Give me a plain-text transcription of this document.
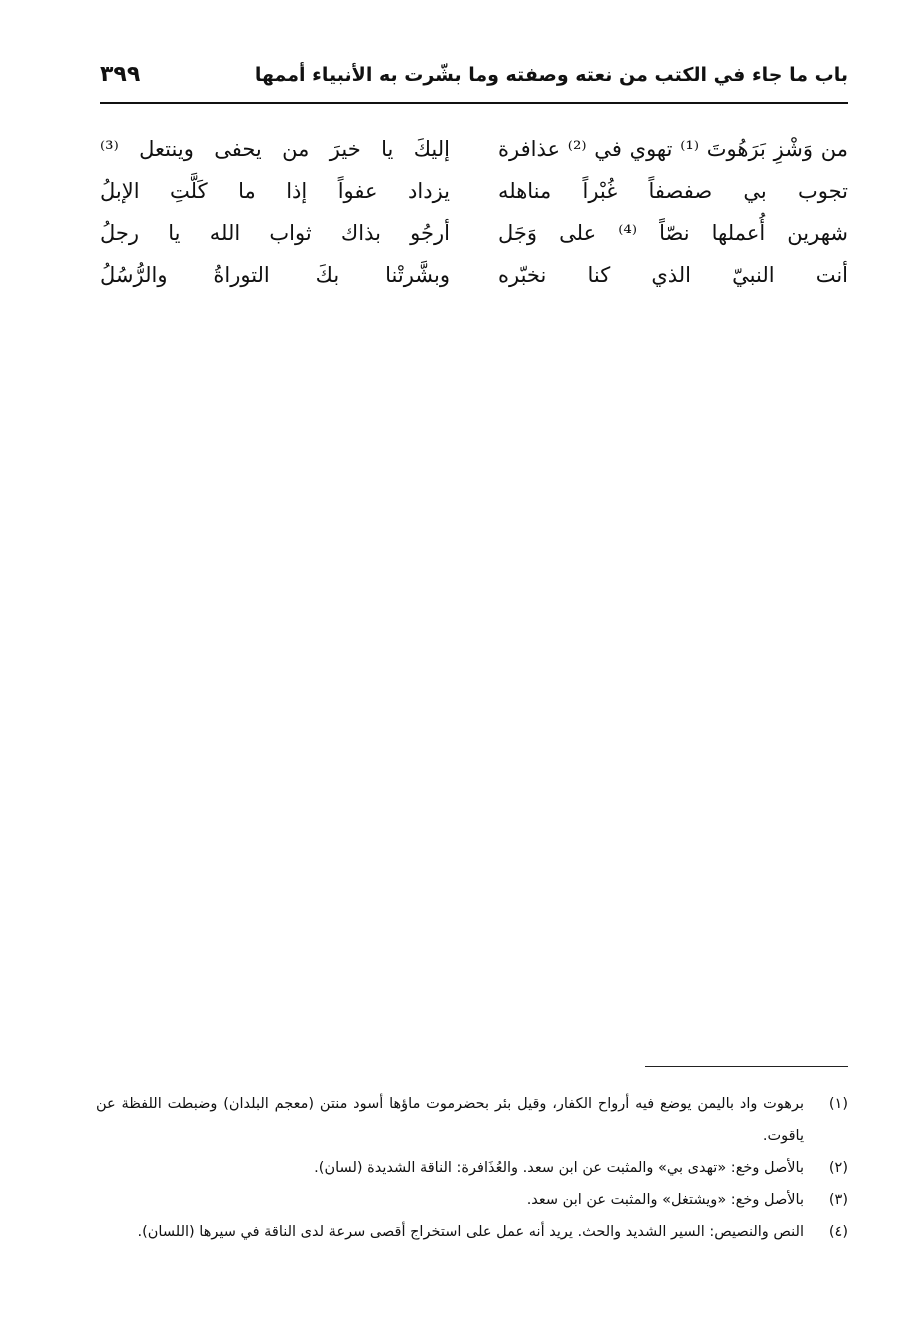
باب ما جاء في الكتب من نعته وصفته وما بشّرت به الأنبياء أممها
٣٩٩
من وَشْزِ بَرَهُوتَ ⁽¹⁾ تهوي في ⁽²⁾ عذافرة
إليكَ يا خيرَ من يحفى وينتعل ⁽³⁾
تجوب بي صفصفاً غُبْراً مناهله
يزداد عفواً إذا ما كَلَّتِ الإبلُ
شهرين أُعملها نصّاً ⁽⁴⁾ على وَجَل
أرجُو بذاك ثواب الله يا رجلُ
أنت النبيّ الذي كنا نخبّره
وبشَّرتْنا بكَ التوراةُ والرُّسُلُ
(١)
برهوت واد باليمن يوضع فيه أرواح الكفار، وقيل بئر بحضرموت ماؤها أسود منتن (معجم البلدان) وضبطت اللفظة عن ياقوت.
(٢)
بالأصل وخع: «تهدى بي» والمثبت عن ابن سعد. والعُذَافرة: الناقة الشديدة (لسان).
(٣)
بالأصل وخع: «ويشتغل» والمثبت عن ابن سعد.
(٤)
النص والنصيص: السير الشديد والحث. يريد أنه عمل على استخراج أقصى سرعة لدى الناقة في سيرها (اللسان).
